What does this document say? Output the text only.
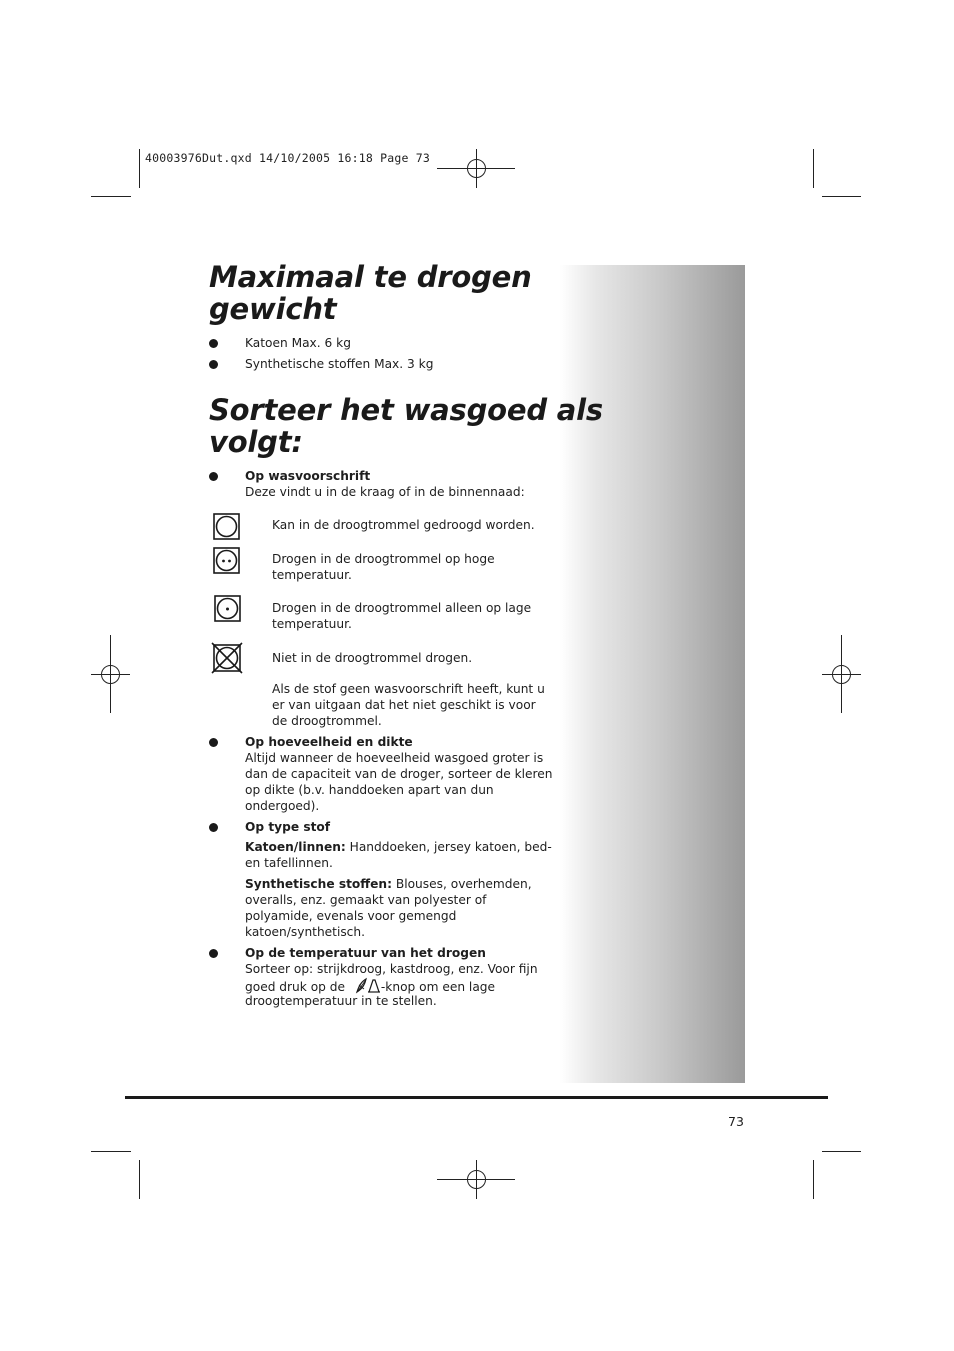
40003976Dut.qxd 14/10/2005 16:18 Page 73
Maximaal te drogen
gewicht
Katoen Max. 6 kg
Synthetische stoffen Max. 3 kg
Sorteer het wasgoed als
volgt:
Op wasvoorschrift
Deze vindt u in de kraag of in de binnennaad:
Kan in de droogtrommel gedroogd worden.
Drogen in de droogtrommel op hoge
temperatuur.
Drogen in de droogtrommel alleen op lage
temperatuur.
Niet in de droogtrommel drogen.
Als de stof geen wasvoorschrift heeft, kunt u
er van uitgaan dat het niet geschikt is voor
de droogtrommel.
Op hoeveelheid en dikte
Altijd wanneer de hoeveelheid wasgoed groter is
dan de capaciteit van de droger, sorteer de kleren
op dikte (b.v. handdoeken apart van dun
ondergoed).
Op type stof
Katoen/linnen: Handdoeken, jersey katoen, bed-
en tafellinnen.
Synthetische stoffen: Blouses, overhemden,
overalls, enz. gemaakt van polyester of
polyamide, evenals voor gemengd
katoen/synthetisch.
Op de temperatuur van het drogen
Sorteer op: strijkdroog, kastdroog, enz. Voor fijn
goed druk op de	-knop om een lage
droogtemperatuur in te stellen.
73
